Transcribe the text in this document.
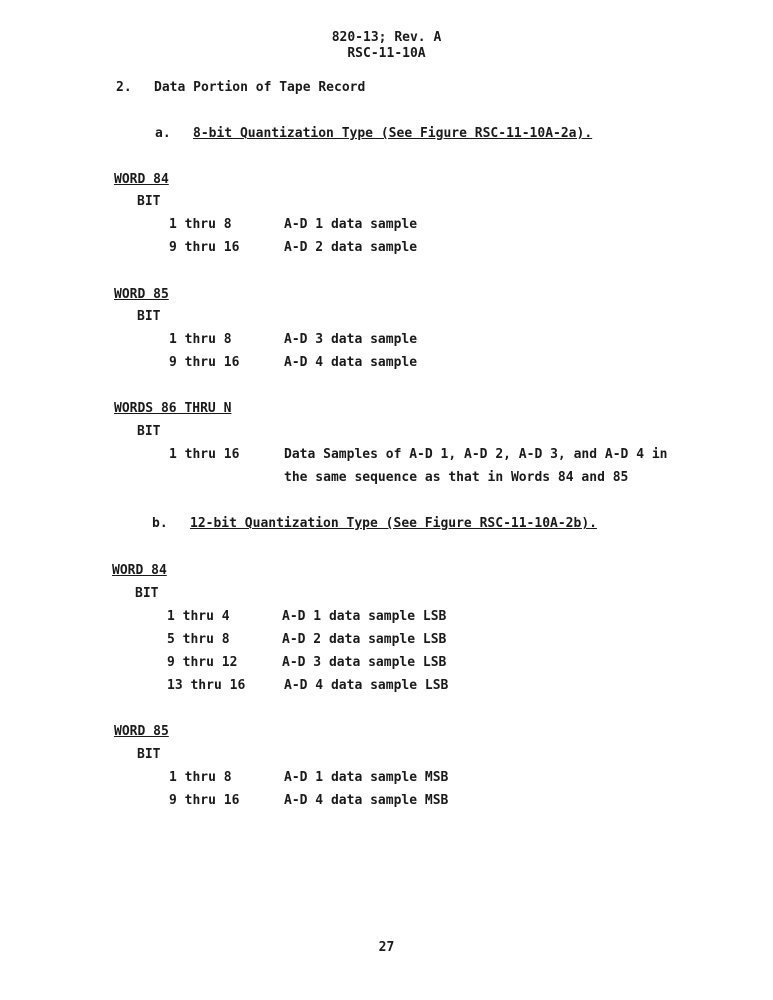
820-13; Rev. A
RSC-11-10A
2. Data Portion of Tape Record
a. 8-bit Quantization Type (See Figure RSC-11-10A-2a).
WORD 84
BIT
1 thru 8	A-D 1 data sample
9 thru 16	A-D 2 data sample
WORD 85
BIT
1 thru 8	A-D 3 data sample
9 thru 16	A-D 4 data sample
WORDS 86 THRU N
BIT
1 thru 16	Data Samples of A-D 1, A-D 2, A-D 3, and A-D 4 in
the same sequence as that in Words 84 and 85
b. 12-bit Quantization Type (See Figure RSC-11-10A-2b).
WORD 84
BIT
1 thru 4	A-D 1 data sample LSB
5 thru 8	A-D 2 data sample LSB
9 thru 12	A-D 3 data sample LSB
13 thru 16	A-D 4 data sample LSB
WORD 85
BIT
1 thru 8	A-D 1 data sample MSB
9 thru 16	A-D 4 data sample MSB
27
